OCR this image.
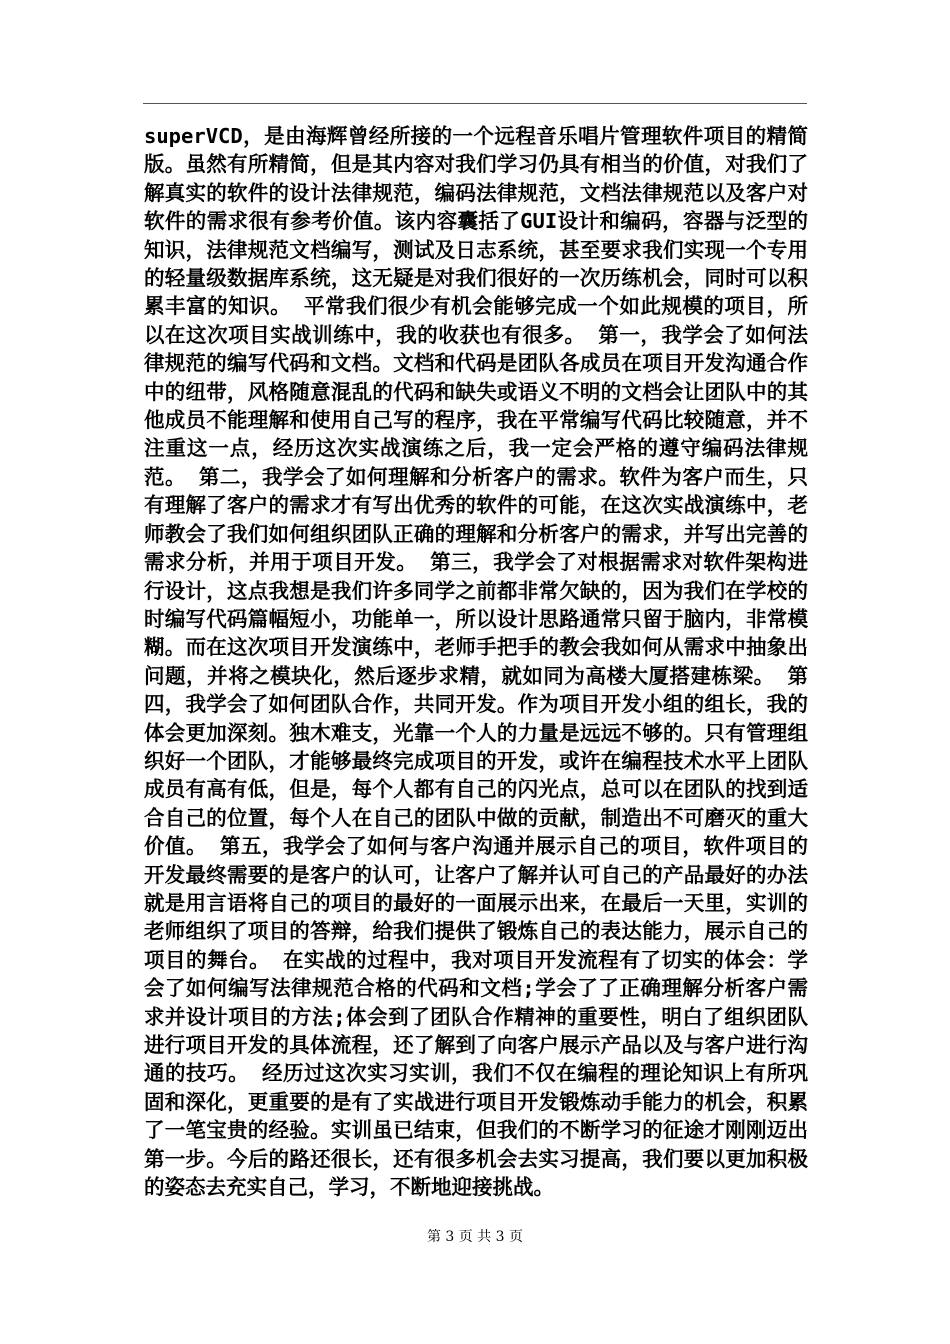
superVCD，是由海辉曾经所接的一个远程音乐唱片管理软件项目的精简版。虽然有所精简，但是其内容对我们学习仍具有相当的价值，对我们了解真实的软件的设计法律规范，编码法律规范，文档法律规范以及客户对软件的需求很有参考价值。该内容囊括了GUI设计和编码，容器与泛型的知识，法律规范文档编写，测试及日志系统，甚至要求我们实现一个专用的轻量级数据库系统，这无疑是对我们很好的一次历练机会，同时可以积累丰富的知识。 平常我们很少有机会能够完成一个如此规模的项目，所以在这次项目实战训练中，我的收获也有很多。 第一，我学会了如何法律规范的编写代码和文档。文档和代码是团队各成员在项目开发沟通合作中的纽带，风格随意混乱的代码和缺失或语义不明的文档会让团队中的其他成员不能理解和使用自己写的程序，我在平常编写代码比较随意，并不注重这一点，经历这次实战演练之后，我一定会严格的遵守编码法律规范。 第二，我学会了如何理解和分析客户的需求。软件为客户而生，只有理解了客户的需求才有写出优秀的软件的可能，在这次实战演练中，老师教会了我们如何组织团队正确的理解和分析客户的需求，并写出完善的需求分析，并用于项目开发。 第三，我学会了对根据需求对软件架构进行设计，这点我想是我们许多同学之前都非常欠缺的，因为我们在学校的时编写代码篇幅短小，功能单一，所以设计思路通常只留于脑内，非常模糊。而在这次项目开发演练中，老师手把手的教会我如何从需求中抽象出问题，并将之模块化，然后逐步求精，就如同为高楼大厦搭建栋梁。 第四，我学会了如何团队合作，共同开发。作为项目开发小组的组长，我的体会更加深刻。独木难支，光靠一个人的力量是远远不够的。只有管理组织好一个团队，才能够最终完成项目的开发，或许在编程技术水平上团队成员有高有低，但是，每个人都有自己的闪光点，总可以在团队的找到适合自己的位置，每个人在自己的团队中做的贡献，制造出不可磨灭的重大价值。 第五，我学会了如何与客户沟通并展示自己的项目，软件项目的开发最终需要的是客户的认可，让客户了解并认可自己的产品最好的办法就是用言语将自己的项目的最好的一面展示出来，在最后一天里，实训的老师组织了项目的答辩，给我们提供了锻炼自己的表达能力，展示自己的项目的舞台。 在实战的过程中，我对项目开发流程有了切实的体会：学会了如何编写法律规范合格的代码和文档;学会了了正确理解分析客户需求并设计项目的方法;体会到了团队合作精神的重要性，明白了组织团队进行项目开发的具体流程，还了解到了向客户展示产品以及与客户进行沟通的技巧。 经历过这次实习实训，我们不仅在编程的理论知识上有所巩固和深化，更重要的是有了实战进行项目开发锻炼动手能力的机会，积累了一笔宝贵的经验。实训虽已结束，但我们的不断学习的征途才刚刚迈出第一步。今后的路还很长，还有很多机会去实习提高，我们要以更加积极的姿态去充实自己，学习，不断地迎接挑战。

第 3 页 共 3 页
